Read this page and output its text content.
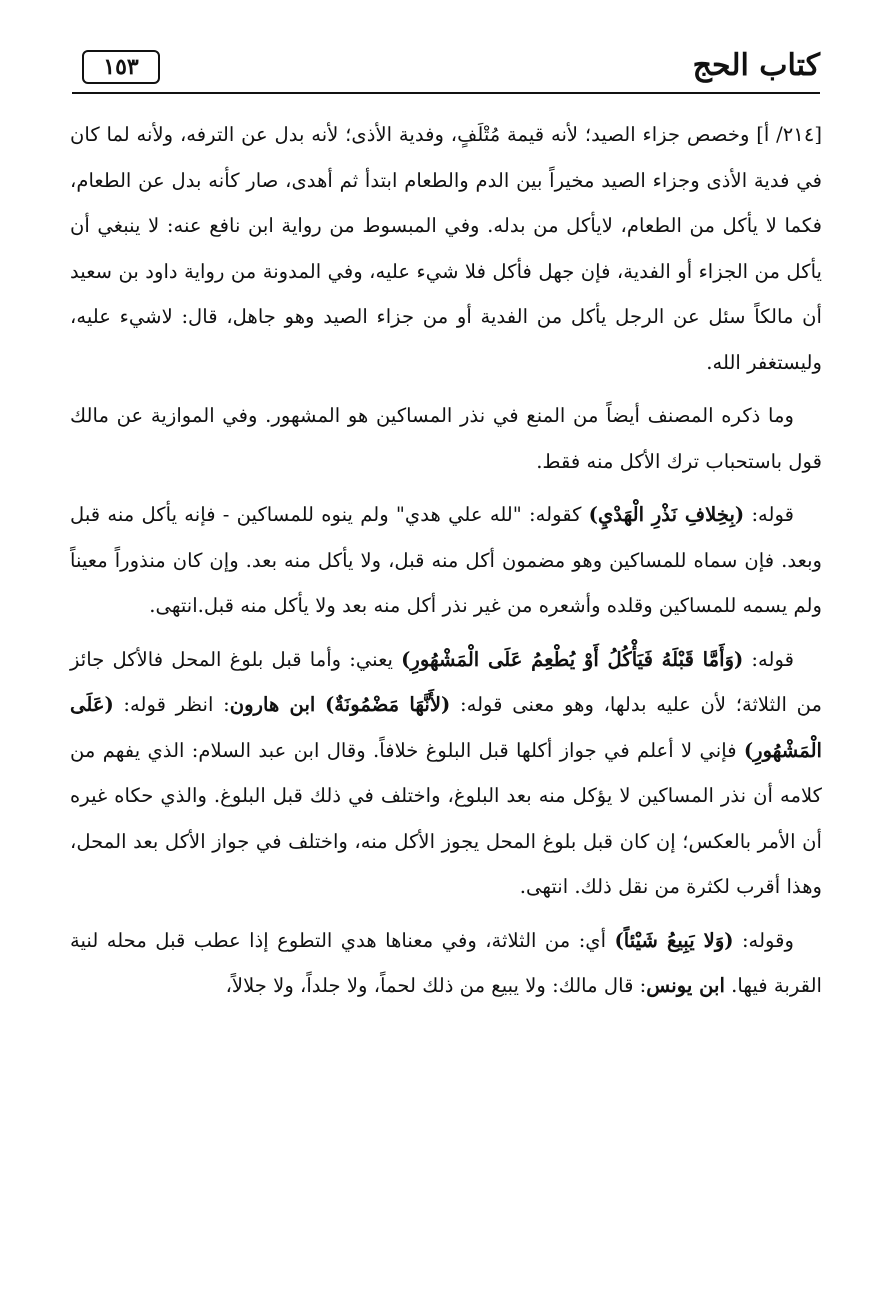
كتاب الحج
١٥٣

[٢١٤/ أ] وخصص جزاء الصيد؛ لأنه قيمة مُتْلَفٍ، وفدية الأذى؛ لأنه بدل عن الترفه، ولأنه لما كان في فدية الأذى وجزاء الصيد مخيراً بين الدم والطعام ابتدأ ثم أهدى، صار كأنه بدل عن الطعام، فكما لا يأكل من الطعام، لايأكل من بدله. وفي المبسوط من رواية ابن نافع عنه: لا ينبغي أن يأكل من الجزاء أو الفدية، فإن جهل فأكل فلا شيء عليه، وفي المدونة من رواية داود بن سعيد أن مالكاً سئل عن الرجل يأكل من الفدية أو من جزاء الصيد وهو جاهل، قال: لاشيء عليه، وليستغفر الله.

وما ذكره المصنف أيضاً من المنع في نذر المساكين هو المشهور. وفي الموازية عن مالك قول باستحباب ترك الأكل منه فقط.

قوله: (بِخِلافِ نَذْرِ الْهَدْيِ) كقوله: "لله علي هدي" ولم ينوه للمساكين - فإنه يأكل منه قبل وبعد. فإن سماه للمساكين وهو مضمون أكل منه قبل، ولا يأكل منه بعد. وإن كان منذوراً معيناً ولم يسمه للمساكين وقلده وأشعره من غير نذر أكل منه بعد ولا يأكل منه قبل.انتهى.

قوله: (وَأَمَّا قَبْلَهُ فَيَأْكُلُ أَوْ يُطْعِمُ عَلَى الْمَشْهُورِ) يعني: وأما قبل بلوغ المحل فالأكل جائز من الثلاثة؛ لأن عليه بدلها، وهو معنى قوله: (لأَنَّهَا مَضْمُونَةٌ) ابن هارون: انظر قوله: (عَلَى الْمَشْهُورِ) فإني لا أعلم في جواز أكلها قبل البلوغ خلافاً. وقال ابن عبد السلام: الذي يفهم من كلامه أن نذر المساكين لا يؤكل منه بعد البلوغ، واختلف في ذلك قبل البلوغ. والذي حكاه غيره أن الأمر بالعكس؛ إن كان قبل بلوغ المحل يجوز الأكل منه، واختلف في جواز الأكل بعد المحل، وهذا أقرب لكثرة من نقل ذلك. انتهى.

وقوله: (وَلا يَبِيعُ شَيْئاً) أي: من الثلاثة، وفي معناها هدي التطوع إذا عطب قبل محله لنية القربة فيها. ابن يونس: قال مالك: ولا يبيع من ذلك لحماً، ولا جلداً، ولا جلالاً،
